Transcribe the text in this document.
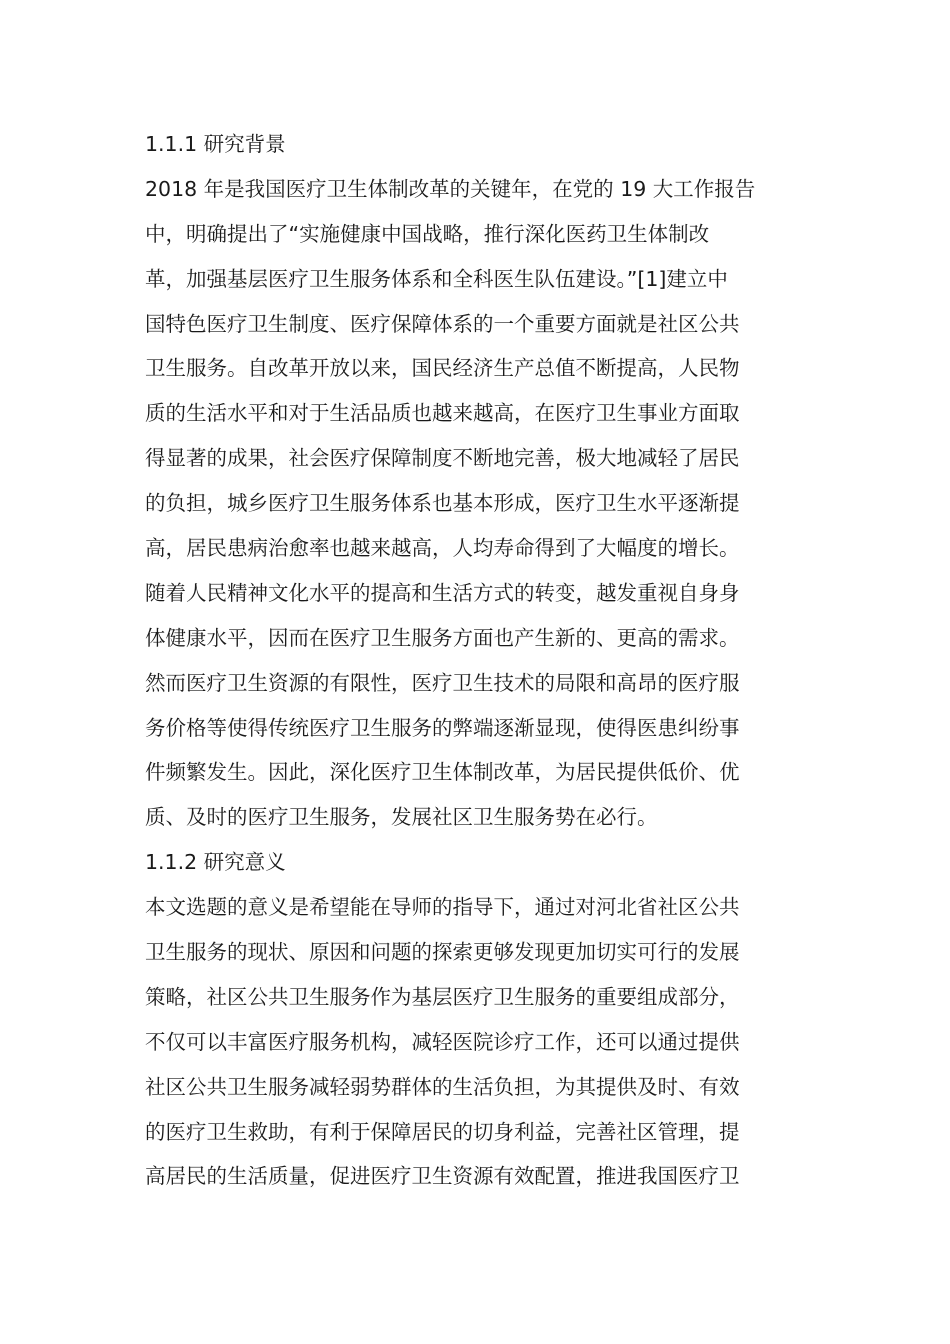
1.1.1 研究背景
2018 年是我国医疗卫生体制改革的关键年，在党的 19 大工作报告
中，明确提出了“实施健康中国战略，推行深化医药卫生体制改
革，加强基层医疗卫生服务体系和全科医生队伍建设。”[1]建立中
国特色医疗卫生制度、医疗保障体系的一个重要方面就是社区公共
卫生服务。自改革开放以来，国民经济生产总值不断提高，人民物
质的生活水平和对于生活品质也越来越高，在医疗卫生事业方面取
得显著的成果，社会医疗保障制度不断地完善，极大地减轻了居民
的负担，城乡医疗卫生服务体系也基本形成，医疗卫生水平逐渐提
高，居民患病治愈率也越来越高，人均寿命得到了大幅度的增长。
随着人民精神文化水平的提高和生活方式的转变，越发重视自身身
体健康水平，因而在医疗卫生服务方面也产生新的、更高的需求。
然而医疗卫生资源的有限性，医疗卫生技术的局限和高昂的医疗服
务价格等使得传统医疗卫生服务的弊端逐渐显现，使得医患纠纷事
件频繁发生。因此，深化医疗卫生体制改革，为居民提供低价、优
质、及时的医疗卫生服务，发展社区卫生服务势在必行。
1.1.2 研究意义
本文选题的意义是希望能在导师的指导下，通过对河北省社区公共
卫生服务的现状、原因和问题的探索更够发现更加切实可行的发展
策略，社区公共卫生服务作为基层医疗卫生服务的重要组成部分，
不仅可以丰富医疗服务机构，减轻医院诊疗工作，还可以通过提供
社区公共卫生服务减轻弱势群体的生活负担，为其提供及时、有效
的医疗卫生救助，有利于保障居民的切身利益，完善社区管理，提
高居民的生活质量，促进医疗卫生资源有效配置，推进我国医疗卫
